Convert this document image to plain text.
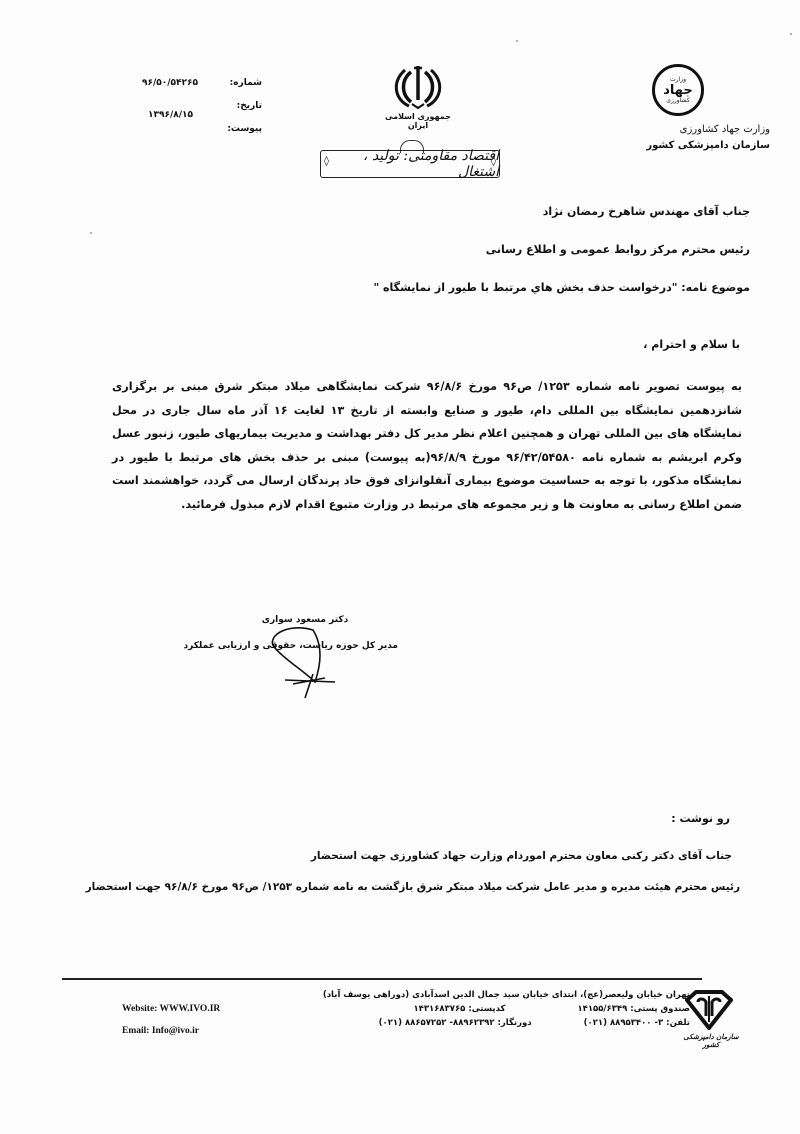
شماره:
۹۶/۵۰/۵۴۲۶۵
تاریخ:
۱۳۹۶/۸/۱۵
پیوست:
جمهوری اسلامی ایران
وزارت
جهاد
کشاورزی
وزارت جهاد کشاورزی
سازمان دامپزشکی کشور
◊ اقتصاد مقاومتی: تولید ، اشتغال ◊
جناب آقای مهندس شاهرخ رمضان نژاد
رئیس محترم مرکز روابط عمومی و اطلاع رسانی
موضوع نامه: "درخواست حذف بخش هاي مرتبط با طيور از نمایشگاه "
با سلام و احترام ،
به پیوست تصویر نامه شماره ۱۲۵۳/ ص۹۶ مورخ ۹۶/۸/۶ شرکت نمایشگاهی میلاد مبتکر شرق مبنی بر برگزاری شانزدهمین نمایشگاه بین المللی دام، طیور و صنایع وابسته از تاریخ ۱۳ لغایت ۱۶ آذر ماه سال جاری در محل نمایشگاه های بین المللی تهران و همچنین اعلام نظر مدیر کل دفتر بهداشت و مدیریت بیماریهای طیور، زنبور عسل وکرم ابریشم به شماره نامه ۹۶/۴۲/۵۴۵۸۰ مورخ ۹۶/۸/۹(به پیوست) مبنی بر حذف بخش های مرتبط با طیور در نمایشگاه مذکور، با توجه به حساسیت موضوع بیماری آنفلوانزای فوق حاد پرندگان ارسال می گردد، خواهشمند است ضمن اطلاع رسانی به معاونت ها و زیر مجموعه های مرتبط در وزارت متبوع اقدام لازم مبذول فرمائید.
دکتر مسعود سواری
مدیر کل حوزه ریاست، حقوقی و ارزیابی عملکرد
رو نوشت :
جناب آقای دکتر رکنی معاون محترم اموردام وزارت جهاد کشاورزی جهت استحضار
رئیس محترم هیئت مدیره و مدیر عامل شرکت میلاد مبتکر شرق بازگشت به نامه شماره ۱۲۵۳/ ص۹۶ مورخ ۹۶/۸/۶ جهت استحضار
تهران خیابان ولیعصر(عج)، ابتدای خیابان سید جمال الدین اسدآبادی (دوراهی یوسف آباد)
صندوق پستی: ۱۴۱۵۵/۶۳۴۹
کدپستی: ۱۴۳۱۶۸۳۷۶۵
تلفن: ۳- ۸۸۹۵۳۴۰۰ (۰۲۱)
دورنگار: ۸۸۹۶۲۳۹۲- ۸۸۶۵۷۲۵۲ (۰۲۱)
Website: WWW.IVO.IR
Email: Info@ivo.ir
سازمان دامپزشکی کشور
